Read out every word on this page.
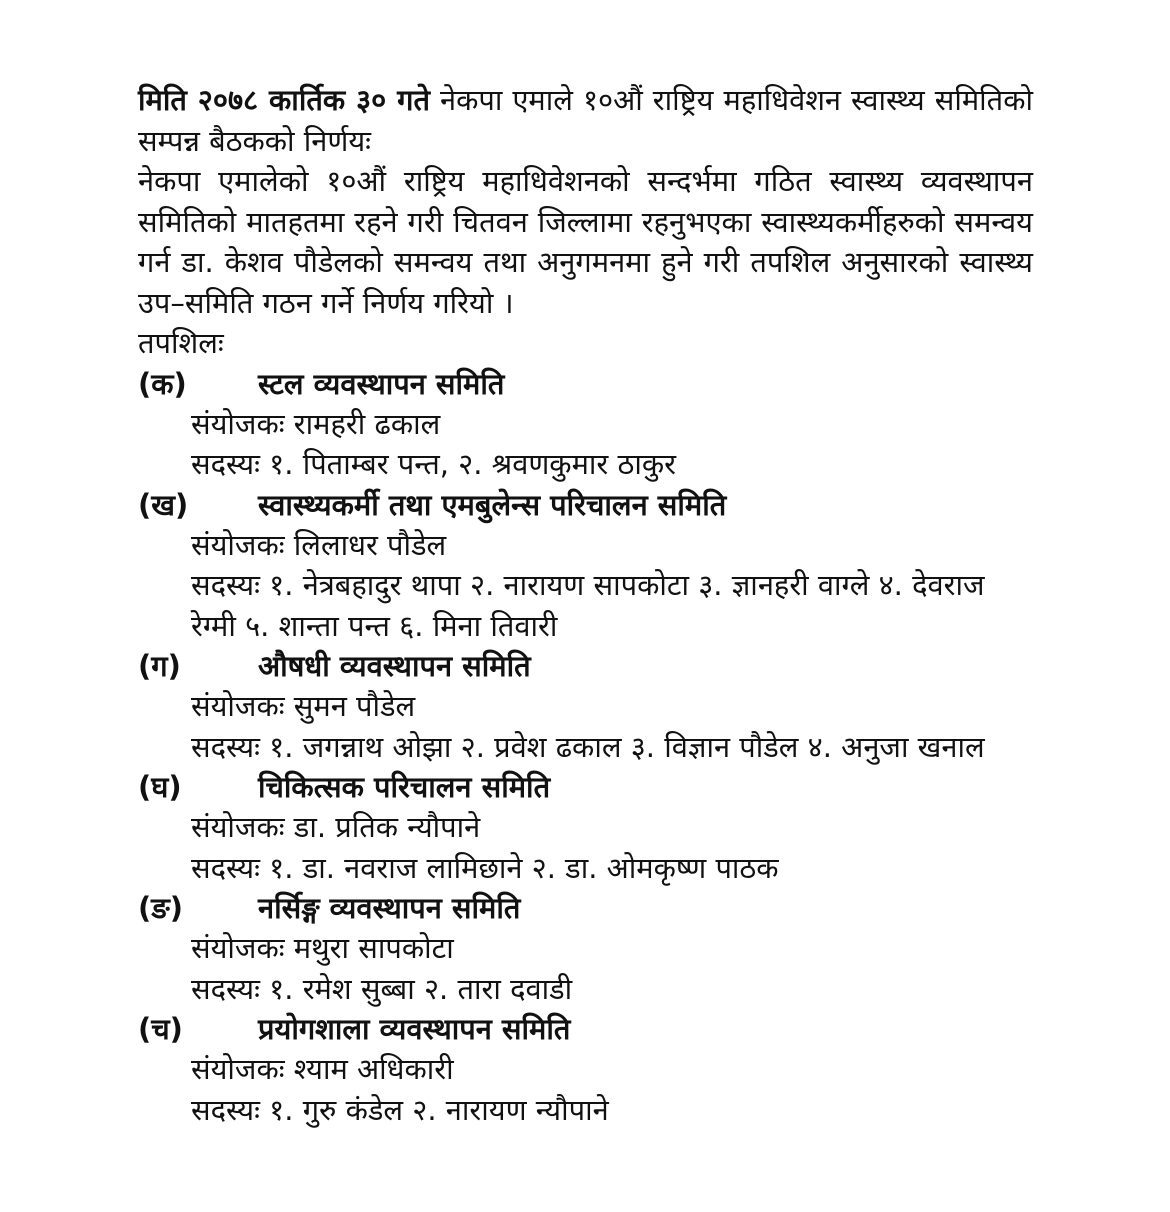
मिति २०७८ कार्तिक ३० गते नेकपा एमाले १०औं राष्ट्रिय महाधिवेशन स्वास्थ्य समितिको सम्पन्न बैठकको निर्णयः

नेकपा एमालेको १०औं राष्ट्रिय महाधिवेशनको सन्दर्भमा गठित स्वास्थ्य व्यवस्थापन समितिको मातहतमा रहने गरी चितवन जिल्लामा रहनुभएका स्वास्थ्यकर्मीहरुको समन्वय गर्न डा. केशव पौडेलको समन्वय तथा अनुगमनमा हुने गरी तपशिल अनुसारको स्वास्थ्य उप–समिति गठन गर्ने निर्णय गरियो ।

तपशिलः

(क)	स्टल व्यवस्थापन समिति

संयोजकः रामहरी ढकाल

सदस्यः १. पिताम्बर पन्त, २. श्रवणकुमार ठाकुर

(ख)	स्वास्थ्यकर्मी तथा एमबुलेन्स परिचालन समिति

संयोजकः लिलाधर पौडेल

सदस्यः १. नेत्रबहादुर थापा २. नारायण सापकोटा ३. ज्ञानहरी वाग्ले ४. देवराज रेग्मी ५. शान्ता पन्त ६. मिना तिवारी

(ग)	औषधी व्यवस्थापन समिति

संयोजकः सुमन पौडेल

सदस्यः १. जगन्नाथ ओझा २. प्रवेश ढकाल ३. विज्ञान पौडेल ४. अनुजा खनाल

(घ)	चिकित्सक परिचालन समिति

संयोजकः डा. प्रतिक न्यौपाने

सदस्यः १. डा. नवराज लामिछाने २. डा. ओमकृष्ण पाठक

(ङ)	नर्सिङ्ग व्यवस्थापन समिति

संयोजकः मथुरा सापकोटा

सदस्यः १. रमेश सुब्बा २. तारा दवाडी

(च)	प्रयोगशाला व्यवस्थापन समिति

संयोजकः श्याम अधिकारी

सदस्यः १. गुरु कंडेल २. नारायण न्यौपाने
